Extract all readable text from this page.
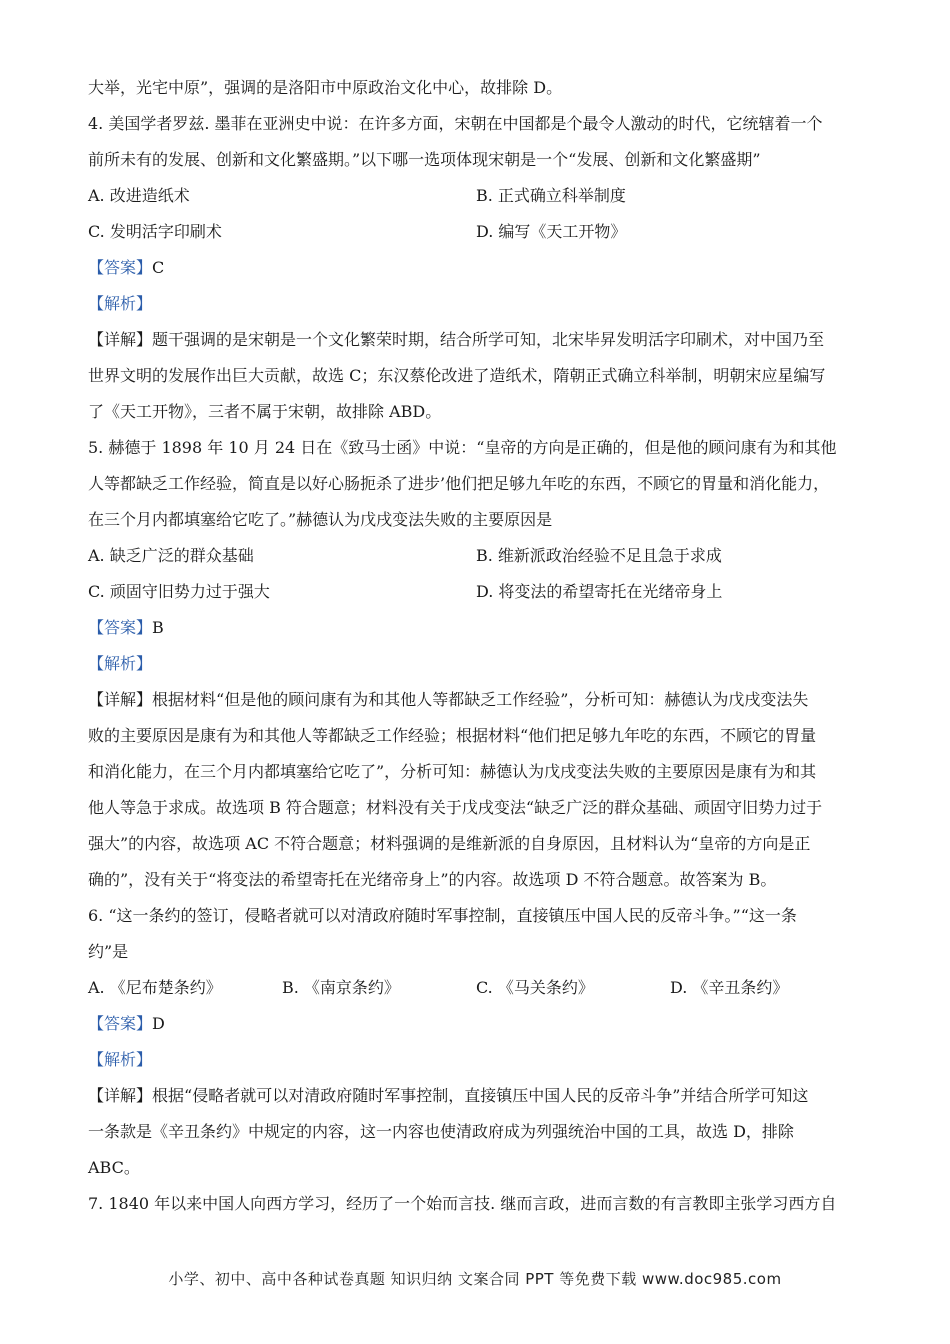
大举，光宅中原”，强调的是洛阳市中原政治文化中心，故排除 D。
4. 美国学者罗兹. 墨菲在亚洲史中说：在许多方面，宋朝在中国都是个最令人激动的时代，它统辖着一个
前所未有的发展、创新和文化繁盛期。”以下哪一选项体现宋朝是一个“发展、创新和文化繁盛期”
A. 改进造纸术	B. 正式确立科举制度
C. 发明活字印刷术	D. 编写《天工开物》
【答案】C
【解析】
【详解】题干强调的是宋朝是一个文化繁荣时期，结合所学可知，北宋毕昇发明活字印刷术，对中国乃至
世界文明的发展作出巨大贡献，故选 C；东汉蔡伦改进了造纸术，隋朝正式确立科举制，明朝宋应星编写
了《天工开物》，三者不属于宋朝，故排除 ABD。
5. 赫德于 1898 年 10 月 24 日在《致马士函》中说：“皇帝的方向是正确的，但是他的顾问康有为和其他
人等都缺乏工作经验，简直是以好心肠扼杀了进步’他们把足够九年吃的东西，不顾它的胃量和消化能力，
在三个月内都填塞给它吃了。”赫德认为戊戌变法失败的主要原因是
A. 缺乏广泛的群众基础	B. 维新派政治经验不足且急于求成
C. 顽固守旧势力过于强大	D. 将变法的希望寄托在光绪帝身上
【答案】B
【解析】
【详解】根据材料“但是他的顾问康有为和其他人等都缺乏工作经验”，分析可知：赫德认为戊戌变法失
败的主要原因是康有为和其他人等都缺乏工作经验；根据材料“他们把足够九年吃的东西，不顾它的胃量
和消化能力，在三个月内都填塞给它吃了”，分析可知：赫德认为戊戌变法失败的主要原因是康有为和其
他人等急于求成。故选项 B 符合题意；材料没有关于戊戌变法“缺乏广泛的群众基础、顽固守旧势力过于
强大”的内容，故选项 AC 不符合题意；材料强调的是维新派的自身原因，且材料认为“皇帝的方向是正
确的”，没有关于“将变法的希望寄托在光绪帝身上”的内容。故选项 D 不符合题意。故答案为 B。
6. “这一条约的签订，侵略者就可以对清政府随时军事控制，直接镇压中国人民的反帝斗争。”“这一条
约”是
A. 《尼布楚条约》	B. 《南京条约》	C. 《马关条约》	D. 《辛丑条约》
【答案】D
【解析】
【详解】根据“侵略者就可以对清政府随时军事控制，直接镇压中国人民的反帝斗争”并结合所学可知这
一条款是《辛丑条约》中规定的内容，这一内容也使清政府成为列强统治中国的工具，故选 D，排除
ABC。
7. 1840 年以来中国人向西方学习，经历了一个始而言技. 继而言政，进而言数的有言教即主张学习西方自
小学、初中、高中各种试卷真题 知识归纳 文案合同 PPT 等免费下载 www.doc985.com
